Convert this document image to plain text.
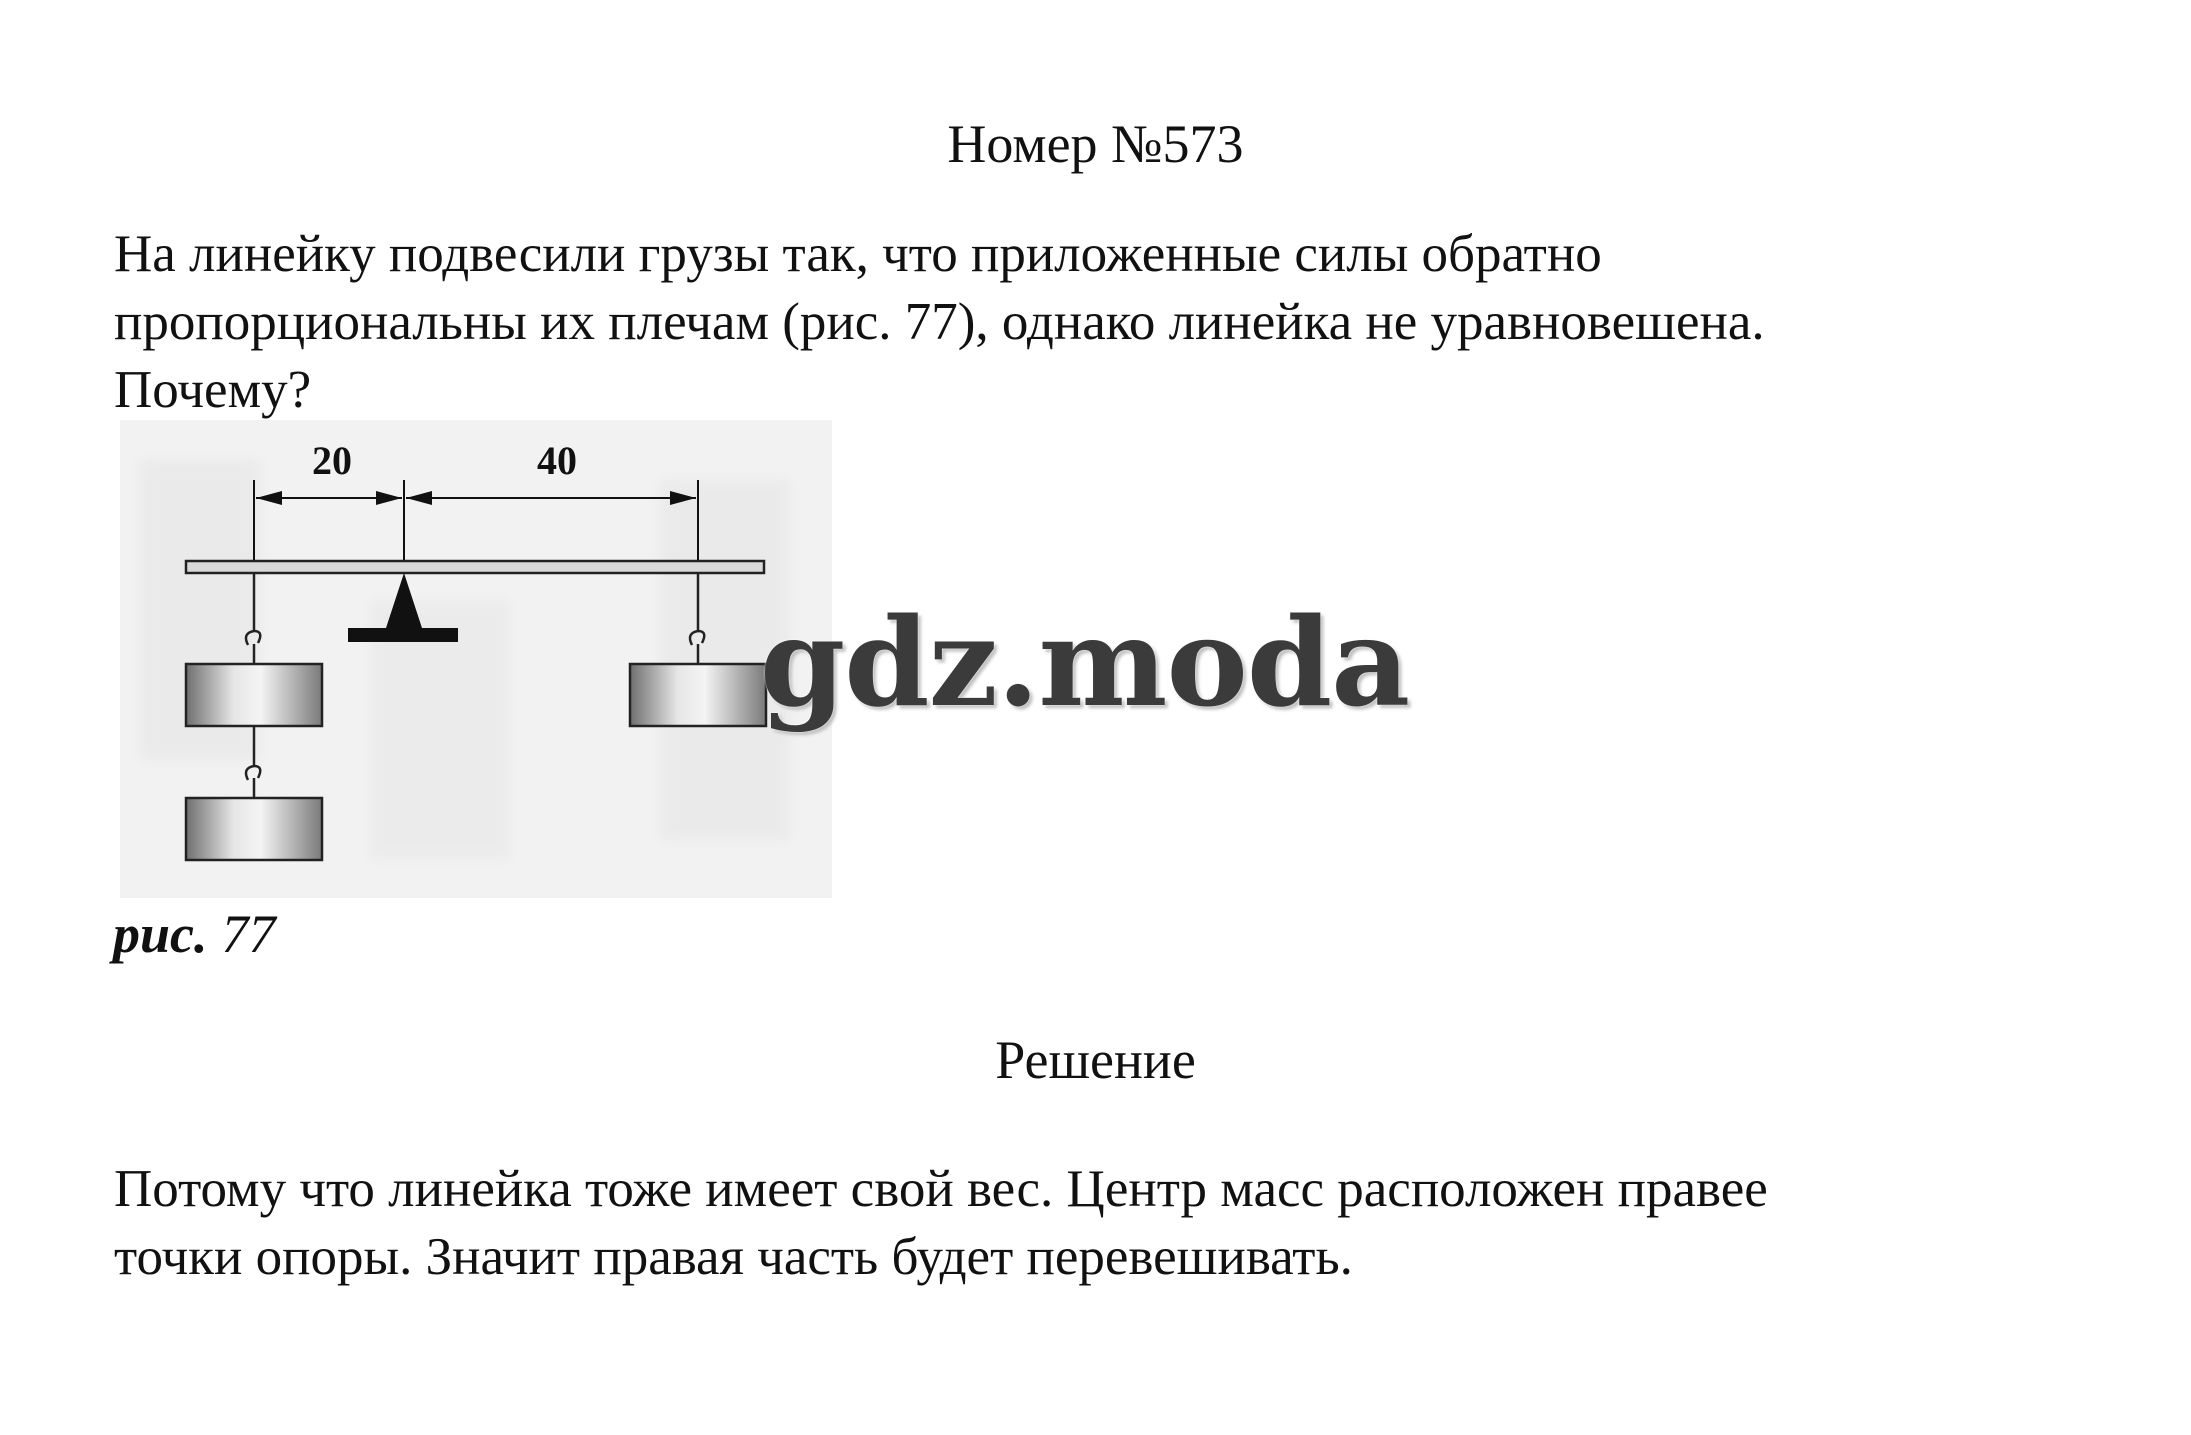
Номер №573
На линейку подвесили грузы так, что приложенные силы обратно
пропорциональны их плечам (рис. 77), однако линейка не уравновешена.
Почему?
20	40
gdz.moda
рис. 77
Решение
Потому что линейка тоже имеет свой вес. Центр масс расположен правее
точки опоры. Значит правая часть будет перевешивать.
